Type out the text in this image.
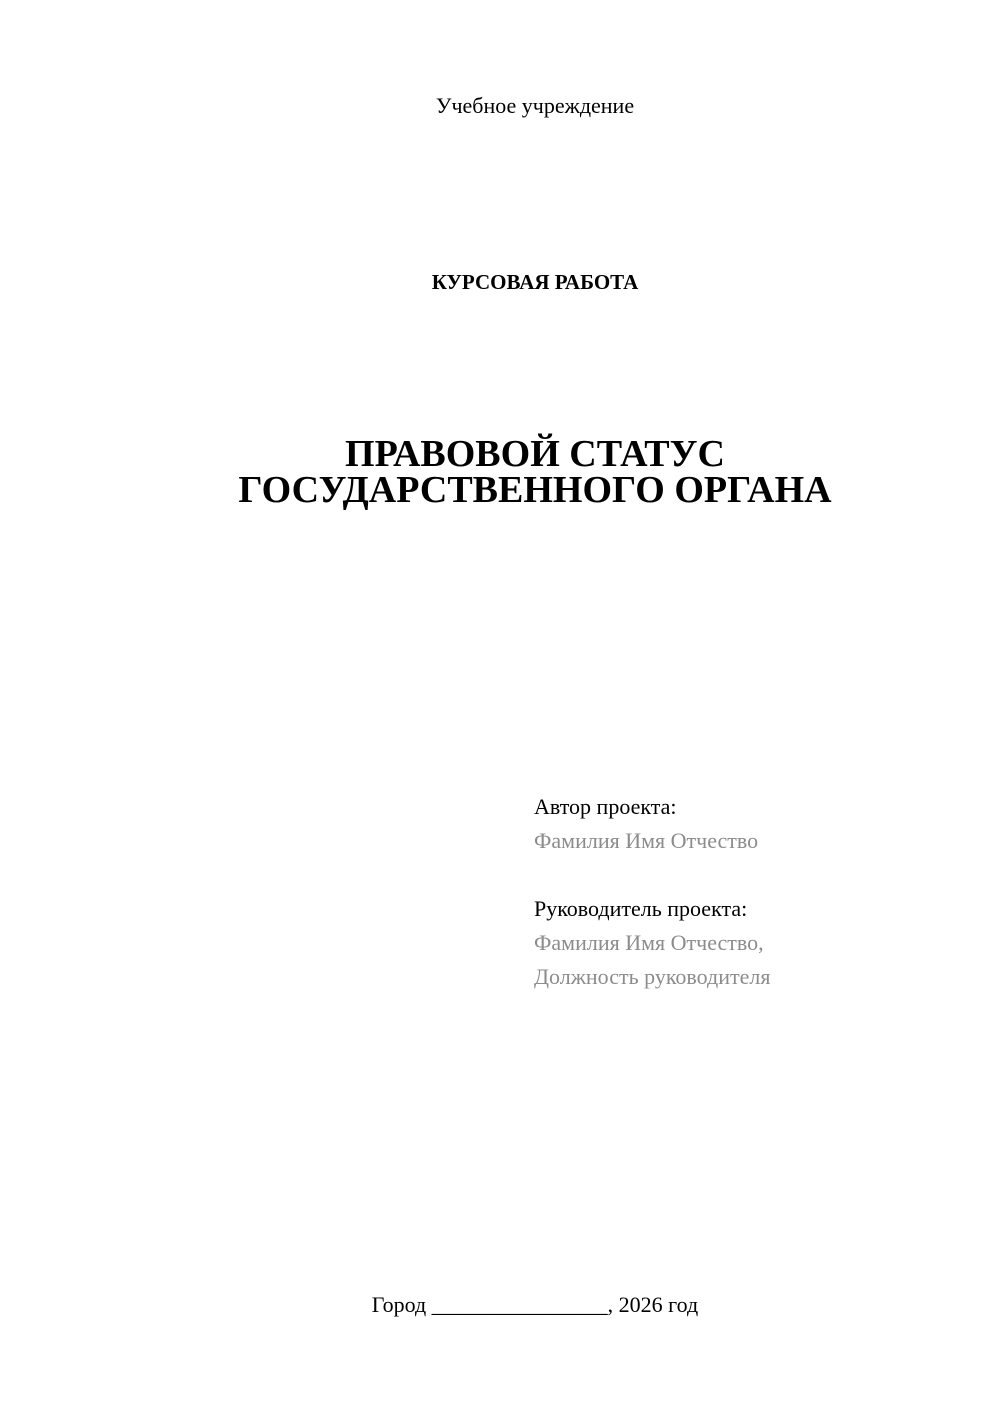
Учебное учреждение
КУРСОВАЯ РАБОТА
ПРАВОВОЙ СТАТУС
ГОСУДАРСТВЕННОГО ОРГАНА
Автор проекта:
Фамилия Имя Отчество
Руководитель проекта:
Фамилия Имя Отчество,
Должность руководителя
Город ________________, 2026 год
